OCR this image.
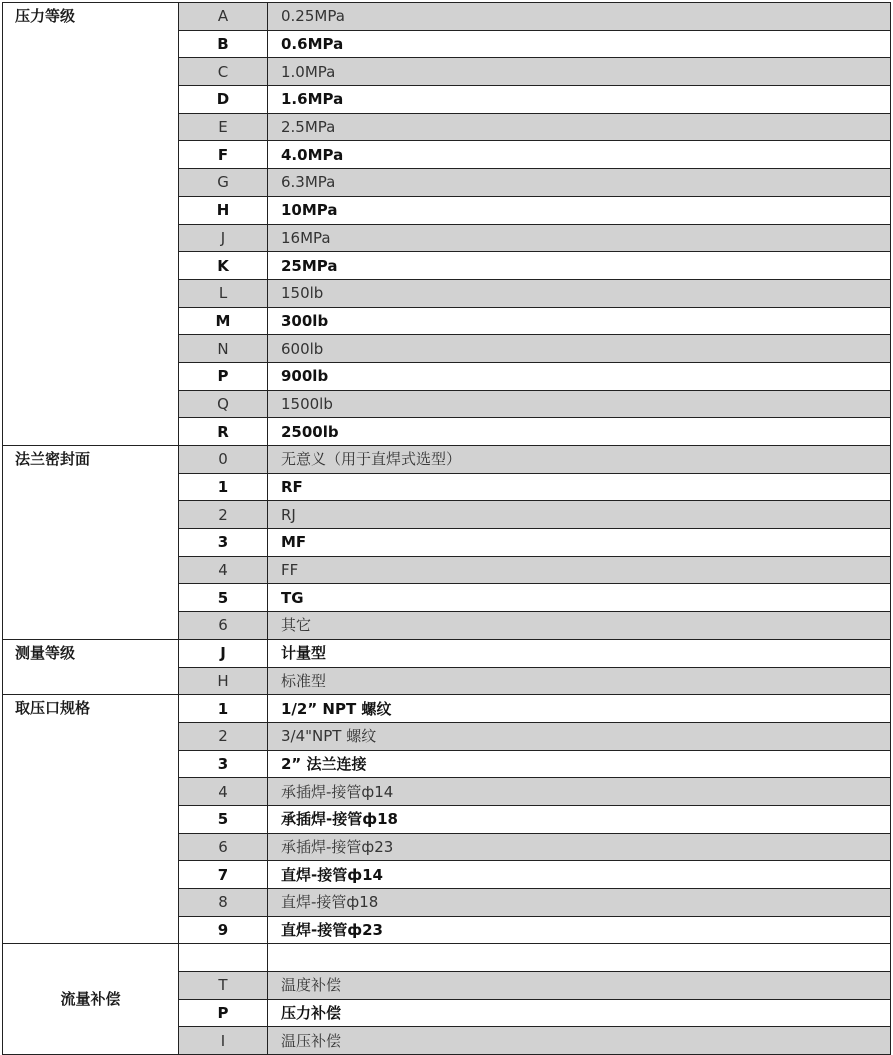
压力等级	A	0.25MPa
	B	0.6MPa
	C	1.0MPa
	D	1.6MPa
	E	2.5MPa
	F	4.0MPa
	G	6.3MPa
	H	10MPa
	J	16MPa
	K	25MPa
	L	150lb
	M	300lb
	N	600lb
	P	900lb
	Q	1500lb
	R	2500lb
法兰密封面	0	无意义（用于直焊式选型）
	1	RF
	2	RJ
	3	MF
	4	FF
	5	TG
	6	其它
测量等级	J	计量型
	H	标准型
取压口规格	1	1/2” NPT 螺纹
	2	3/4"NPT 螺纹
	3	2” 法兰连接
	4	承插焊-接管ф14
	5	承插焊-接管ф18
	6	承插焊-接管ф23
	7	直焊-接管ф14
	8	直焊-接管ф18
	9	直焊-接管ф23
流量补偿		
	T	温度补偿
	P	压力补偿
	I	温压补偿
